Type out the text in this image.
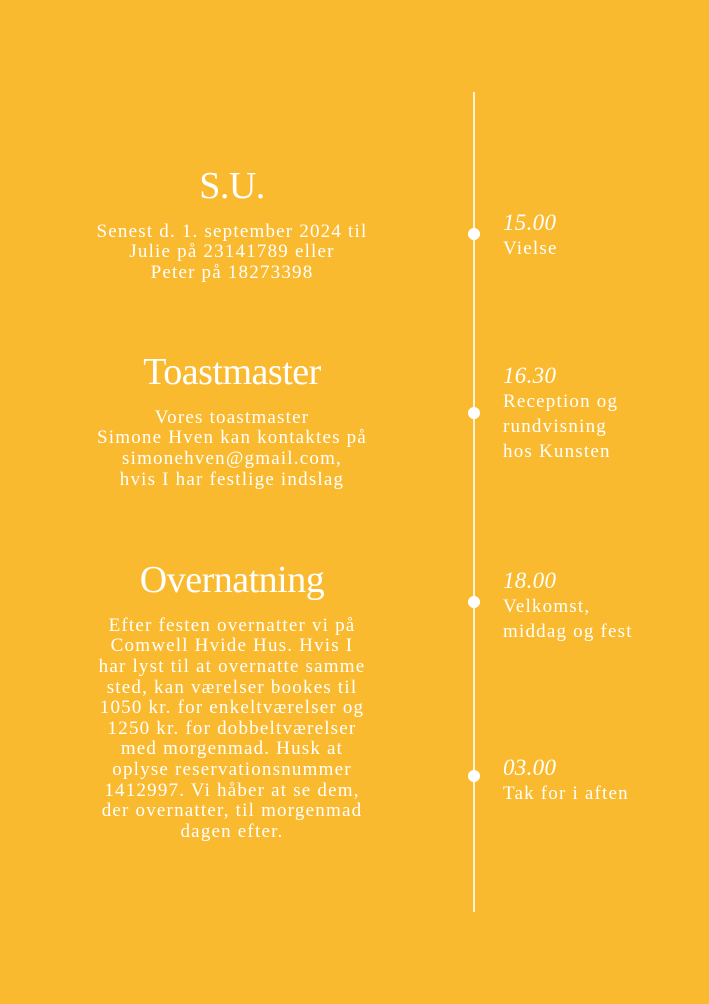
S.U.
Senest d. 1. september 2024 til
Julie på 23141789 eller
Peter på 18273398
Toastmaster
Vores toastmaster
Simone Hven kan kontaktes på
simonehven@gmail.com,
hvis I har festlige indslag
Overnatning
Efter festen overnatter vi på
Comwell Hvide Hus. Hvis I
har lyst til at overnatte samme
sted, kan værelser bookes til
1050 kr. for enkeltværelser og
1250 kr. for dobbeltværelser
med morgenmad. Husk at
oplyse reservationsnummer
1412997. Vi håber at se dem,
der overnatter, til morgenmad
dagen efter.
15.00
Vielse
16.30
Reception og
rundvisning
hos Kunsten
18.00
Velkomst,
middag og fest
03.00
Tak for i aften
